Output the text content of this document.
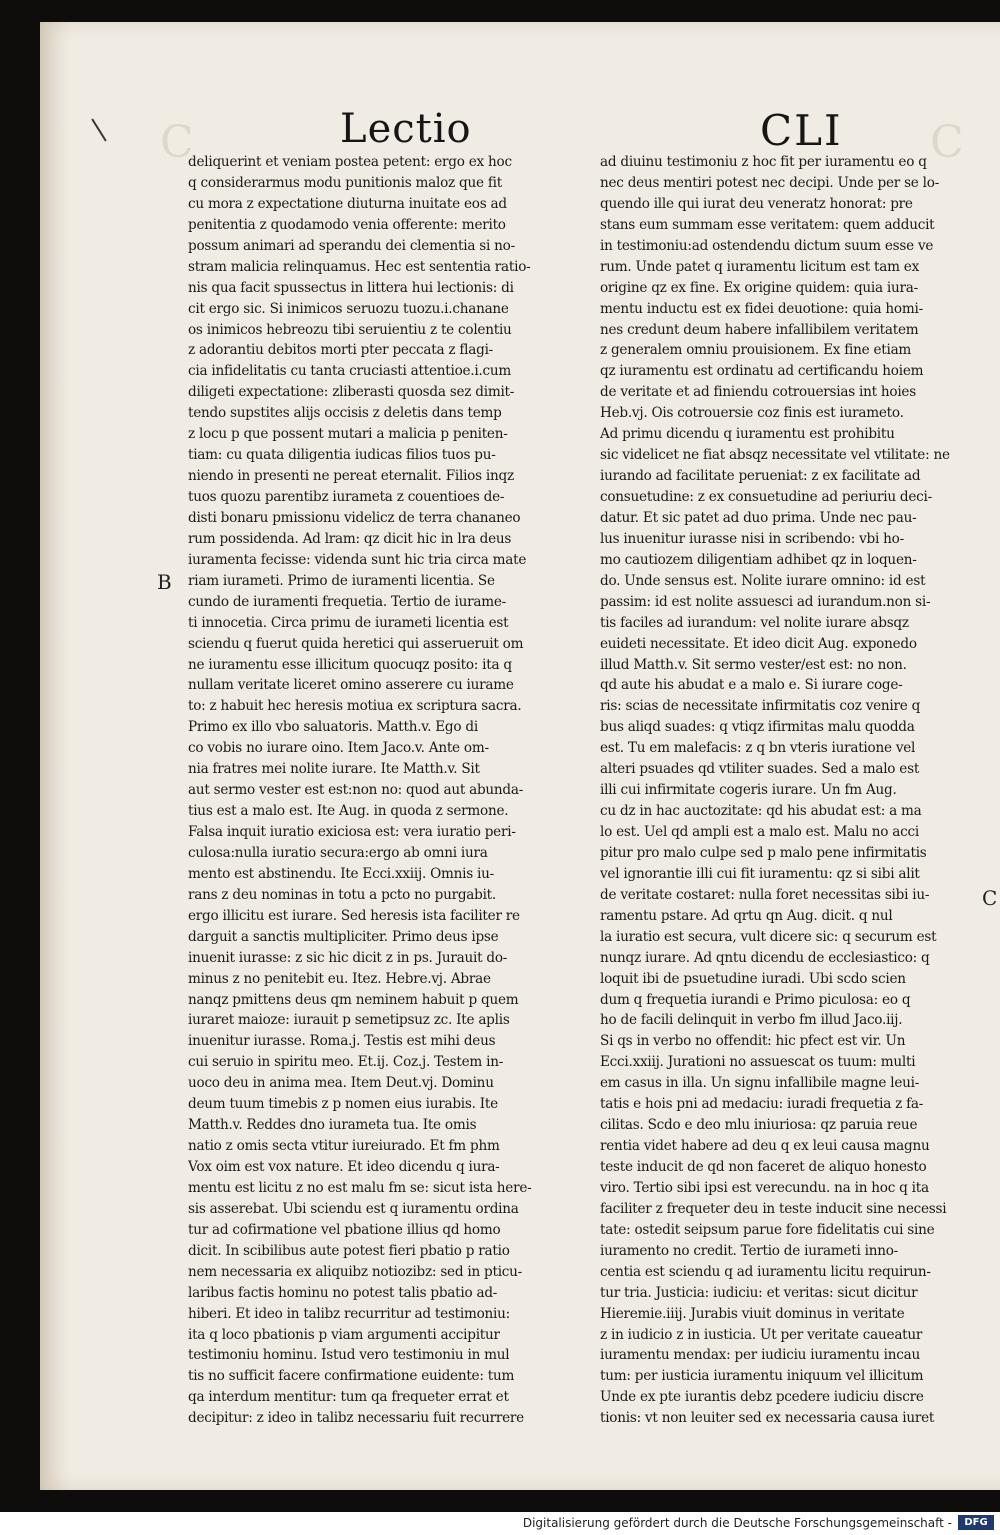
C	C
Lectio	CLI
B
C
deliquerint et veniam postea petent: ergo ex hoc
q considerarmus modu punitionis maloz que fit
cu mora z expectatione diuturna inuitate eos ad
penitentia z quodamodo venia offerente: merito
possum animari ad sperandu dei clementia si no-
stram malicia relinquamus. Hec est sententia ratio-
nis qua facit spussectus in littera hui lectionis: di
cit ergo sic. Si inimicos seruozu tuozu.i.chanane
os inimicos hebreozu tibi seruientiu z te colentiu
z adorantiu debitos morti pter peccata z flagi-
cia infidelitatis cu tanta cruciasti attentioe.i.cum
diligeti expectatione: zliberasti quosda sez dimit-
tendo supstites alijs occisis z deletis dans temp
z locu p que possent mutari a malicia p peniten-
tiam: cu quata diligentia iudicas filios tuos pu-
niendo in presenti ne pereat eternalit. Filios inqz
tuos quozu parentibz iurameta z couentioes de-
disti bonaru pmissionu videlicz de terra chananeo
rum possidenda. Ad lram: qz dicit hic in lra deus
iuramenta fecisse: videnda sunt hic tria circa mate
riam iurameti. Primo de iuramenti licentia. Se
cundo de iuramenti frequetia. Tertio de iurame-
ti innocetia. Circa primu de iurameti licentia est
sciendu q fuerut quida heretici qui asserueruit om
ne iuramentu esse illicitum quocuqz posito: ita q
nullam veritate liceret omino asserere cu iurame
to: z habuit hec heresis motiua ex scriptura sacra.
Primo ex illo vbo saluatoris. Matth.v. Ego di
co vobis no iurare oino. Item Jaco.v. Ante om-
nia fratres mei nolite iurare. Ite Matth.v. Sit
aut sermo vester est est:non no: quod aut abunda-
tius est a malo est. Ite Aug. in quoda z sermone.
Falsa inquit iuratio exiciosa est: vera iuratio peri-
culosa:nulla iuratio secura:ergo ab omni iura
mento est abstinendu. Ite Ecci.xxiij. Omnis iu-
rans z deu nominas in totu a pcto no purgabit.
ergo illicitu est iurare. Sed heresis ista faciliter re
darguit a sanctis multipliciter. Primo deus ipse
inuenit iurasse: z sic hic dicit z in ps. Jurauit do-
minus z no penitebit eu. Itez. Hebre.vj. Abrae
nanqz pmittens deus qm neminem habuit p quem
iuraret maioze: iurauit p semetipsuz zc. Ite aplis
inuenitur iurasse. Roma.j. Testis est mihi deus
cui seruio in spiritu meo. Et.ij. Coz.j. Testem in-
uoco deu in anima mea. Item Deut.vj. Dominu
deum tuum timebis z p nomen eius iurabis. Ite
Matth.v. Reddes dno iurameta tua. Ite omis
natio z omis secta vtitur iureiurado. Et fm phm
Vox oim est vox nature. Et ideo dicendu q iura-
mentu est licitu z no est malu fm se: sicut ista here-
sis asserebat. Ubi sciendu est q iuramentu ordina
tur ad cofirmatione vel pbatione illius qd homo
dicit. In scibilibus aute potest fieri pbatio p ratio
nem necessaria ex aliquibz notiozibz: sed in pticu-
laribus factis hominu no potest talis pbatio ad-
hiberi. Et ideo in talibz recurritur ad testimoniu:
ita q loco pbationis p viam argumenti accipitur
testimoniu hominu. Istud vero testimoniu in mul
tis no sufficit facere confirmatione euidente: tum
qa interdum mentitur: tum qa frequeter errat et
decipitur: z ideo in talibz necessariu fuit recurrere
ad diuinu testimoniu z hoc fit per iuramentu eo q
nec deus mentiri potest nec decipi. Unde per se lo-
quendo ille qui iurat deu veneratz honorat: pre
stans eum summam esse veritatem: quem adducit
in testimoniu:ad ostendendu dictum suum esse ve
rum. Unde patet q iuramentu licitum est tam ex
origine qz ex fine. Ex origine quidem: quia iura-
mentu inductu est ex fidei deuotione: quia homi-
nes credunt deum habere infallibilem veritatem
z generalem omniu prouisionem. Ex fine etiam
qz iuramentu est ordinatu ad certificandu hoiem
de veritate et ad finiendu cotrouersias int hoies
Heb.vj. Ois cotrouersie coz finis est iurameto.
Ad primu dicendu q iuramentu est prohibitu
sic videlicet ne fiat absqz necessitate vel vtilitate: ne
iurando ad facilitate perueniat: z ex facilitate ad
consuetudine: z ex consuetudine ad periuriu deci-
datur. Et sic patet ad duo prima. Unde nec pau-
lus inuenitur iurasse nisi in scribendo: vbi ho-
mo cautiozem diligentiam adhibet qz in loquen-
do. Unde sensus est. Nolite iurare omnino: id est
passim: id est nolite assuesci ad iurandum.non si-
tis faciles ad iurandum: vel nolite iurare absqz
euideti necessitate. Et ideo dicit Aug. exponedo
illud Matth.v. Sit sermo vester/est est: no non.
qd aute his abudat e a malo e. Si iurare coge-
ris: scias de necessitate infirmitatis coz venire q
bus aliqd suades: q vtiqz ifirmitas malu quodda
est. Tu em malefacis: z q bn vteris iuratione vel
alteri psuades qd vtiliter suades. Sed a malo est
illi cui infirmitate cogeris iurare. Un fm Aug.
cu dz in hac auctozitate: qd his abudat est: a ma
lo est. Uel qd ampli est a malo est. Malu no acci
pitur pro malo culpe sed p malo pene infirmitatis
vel ignorantie illi cui fit iuramentu: qz si sibi alit
de veritate costaret: nulla foret necessitas sibi iu-
ramentu pstare. Ad qrtu qn Aug. dicit. q nul
la iuratio est secura, vult dicere sic: q securum est
nunqz iurare. Ad qntu dicendu de ecclesiastico: q
loquit ibi de psuetudine iuradi. Ubi scdo scien
dum q frequetia iurandi e Primo piculosa: eo q
ho de facili delinquit in verbo fm illud Jaco.iij.
Si qs in verbo no offendit: hic pfect est vir. Un
Ecci.xxiij. Jurationi no assuescat os tuum: multi
em casus in illa. Un signu infallibile magne leui-
tatis e hois pni ad medaciu: iuradi frequetia z fa-
cilitas. Scdo e deo mlu iniuriosa: qz paruia reue
rentia videt habere ad deu q ex leui causa magnu
teste inducit de qd non faceret de aliquo honesto
viro. Tertio sibi ipsi est verecundu. na in hoc q ita
faciliter z frequeter deu in teste inducit sine necessi
tate: ostedit seipsum parue fore fidelitatis cui sine
iuramento no credit. Tertio de iurameti inno-
centia est sciendu q ad iuramentu licitu requirun-
tur tria. Justicia: iudiciu: et veritas: sicut dicitur
Hieremie.iiij. Jurabis viuit dominus in veritate
z in iudicio z in iusticia. Ut per veritate caueatur
iuramentu mendax: per iudiciu iuramentu incau
tum: per iusticia iuramentu iniquum vel illicitum
Unde ex pte iurantis debz pcedere iudiciu discre
tionis: vt non leuiter sed ex necessaria causa iuret
Digitalisierung gefördert durch die Deutsche Forschungsgemeinschaft -	DFG
